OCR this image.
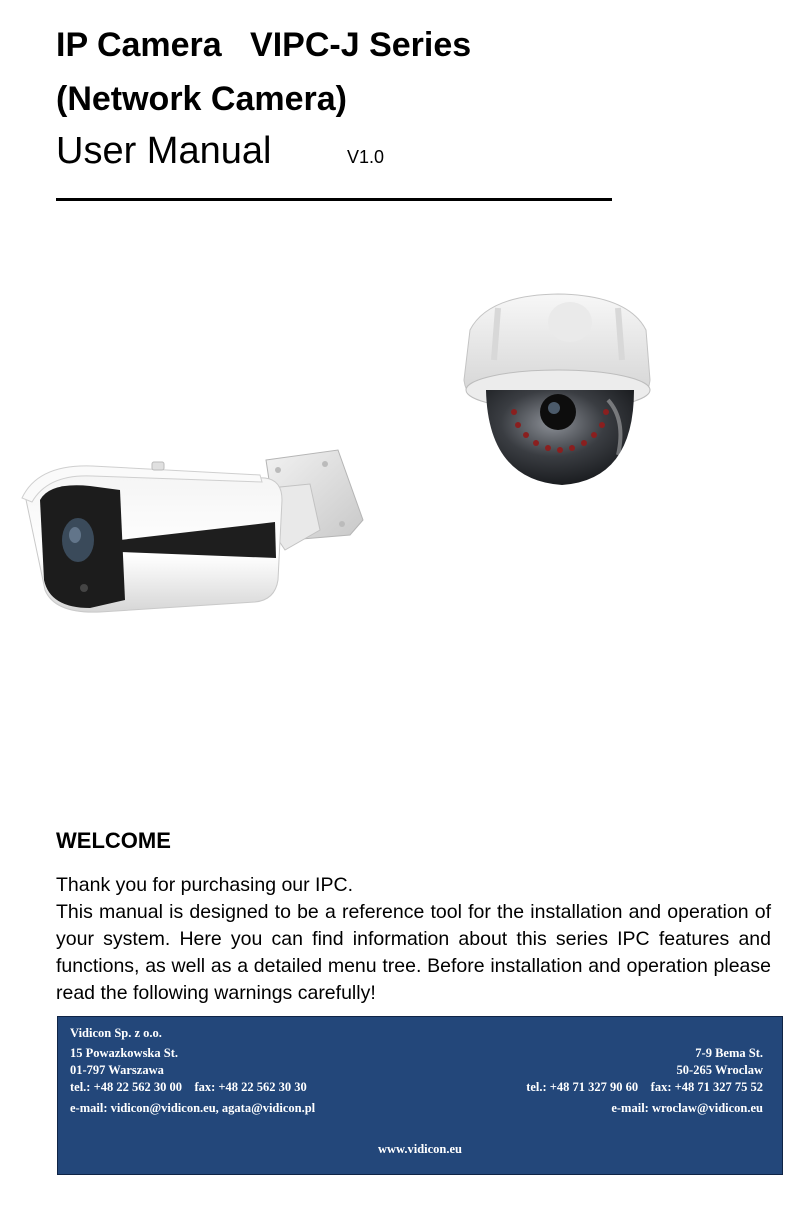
IP Camera   VIPC-J Series
(Network Camera)
User Manual	V1.0
WELCOME

Thank you for purchasing our IPC.

This manual is designed to be a reference tool for the installation and operation of your system. Here you can find information about this series IPC features and functions, as well as a detailed menu tree. Before installation and operation please read the following warnings carefully!

Vidicon Sp. z o.o.
15 Powazkowska St.
01-797 Warszawa
tel.: +48 22 562 30 00    fax: +48 22 562 30 30
e-mail: vidicon@vidicon.eu, agata@vidicon.pl
7-9 Bema St.
50-265 Wroclaw
tel.: +48 71 327 90 60    fax: +48 71 327 75 52
e-mail: wroclaw@vidicon.eu
www.vidicon.eu
